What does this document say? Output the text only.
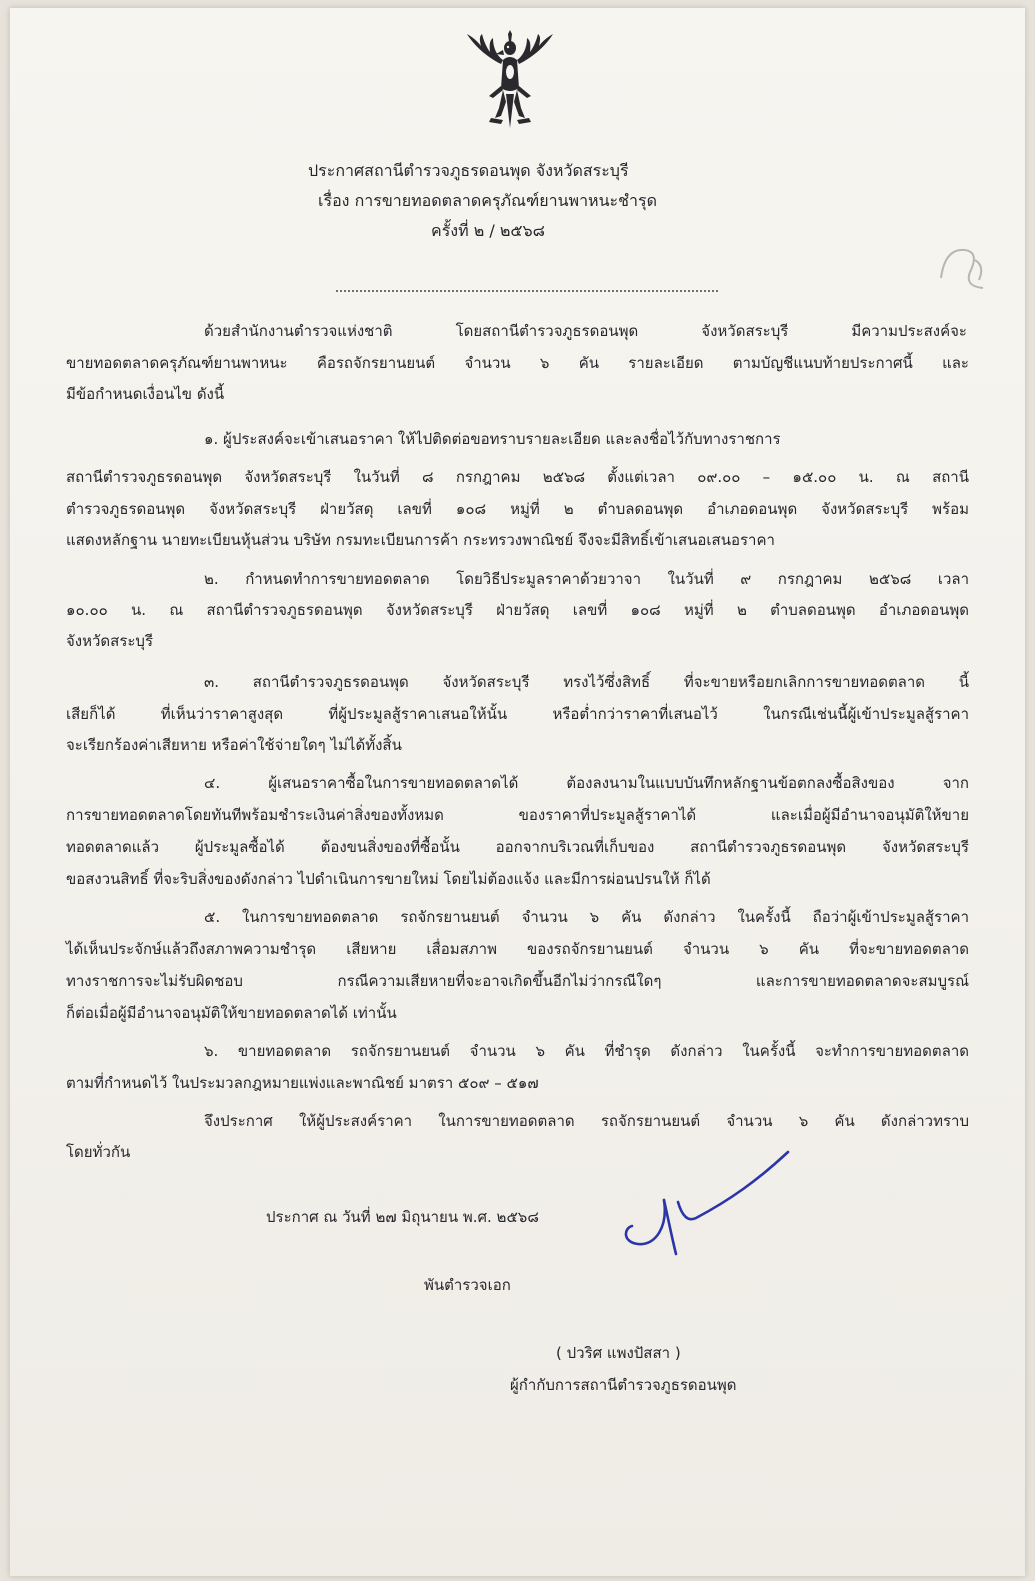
ประกาศสถานีตำรวจภูธรดอนพุด จังหวัดสระบุรี

เรื่อง การขายทอดตลาดครุภัณฑ์ยานพาหนะชำรุด

ครั้งที่ ๒ / ๒๕๖๘

ด้วยสำนักงานตำรวจแห่งชาติ โดยสถานีตำรวจภูธรดอนพุด จังหวัดสระบุรี มีความประสงค์จะ

ขายทอดตลาดครุภัณฑ์ยานพาหนะ คือรถจักรยานยนต์ จำนวน ๖ คัน รายละเอียด ตามบัญชีแนบท้ายประกาศนี้ และ

มีข้อกำหนดเงื่อนไข ดังนี้

๑. ผู้ประสงค์จะเข้าเสนอราคา ให้ไปติดต่อขอทราบรายละเอียด และลงชื่อไว้กับทางราชการ

สถานีตำรวจภูธรดอนพุด จังหวัดสระบุรี ในวันที่ ๘ กรกฎาคม ๒๕๖๘ ตั้งแต่เวลา ๐๙.๐๐ – ๑๕.๐๐ น. ณ สถานี

ตำรวจภูธรดอนพุด จังหวัดสระบุรี ฝ่ายวัสดุ เลขที่ ๑๐๘ หมู่ที่ ๒ ตำบลดอนพุด อำเภอดอนพุด จังหวัดสระบุรี พร้อม

แสดงหลักฐาน นายทะเบียนหุ้นส่วน บริษัท กรมทะเบียนการค้า กระทรวงพาณิชย์ จึงจะมีสิทธิ์เข้าเสนอเสนอราคา

๒. กำหนดทำการขายทอดตลาด โดยวิธีประมูลราคาด้วยวาจา ในวันที่ ๙ กรกฎาคม ๒๕๖๘ เวลา

๑๐.๐๐ น. ณ สถานีตำรวจภูธรดอนพุด จังหวัดสระบุรี ฝ่ายวัสดุ เลขที่ ๑๐๘ หมู่ที่ ๒ ตำบลดอนพุด อำเภอดอนพุด

จังหวัดสระบุรี

๓. สถานีตำรวจภูธรดอนพุด จังหวัดสระบุรี ทรงไว้ซึ่งสิทธิ์ ที่จะขายหรือยกเลิกการขายทอดตลาด นี้

เสียก็ได้ ที่เห็นว่าราคาสูงสุด ที่ผู้ประมูลสู้ราคาเสนอให้นั้น หรือต่ำกว่าราคาที่เสนอไว้ ในกรณีเช่นนี้ผู้เข้าประมูลสู้ราคา

จะเรียกร้องค่าเสียหาย หรือค่าใช้จ่ายใดๆ ไม่ได้ทั้งสิ้น

๔. ผู้เสนอราคาซื้อในการขายทอดตลาดได้ ต้องลงนามในแบบบันทึกหลักฐานข้อตกลงซื้อสิงของ จาก

การขายทอดตลาดโดยทันทีพร้อมชำระเงินค่าสิ่งของทั้งหมด ของราคาที่ประมูลสู้ราคาได้ และเมื่อผู้มีอำนาจอนุมัติให้ขาย

ทอดตลาดแล้ว ผู้ประมูลซื้อได้ ต้องขนสิ่งของที่ซื้อนั้น ออกจากบริเวณที่เก็บของ สถานีตำรวจภูธรดอนพุด จังหวัดสระบุรี

ขอสงวนสิทธิ์ ที่จะริบสิ่งของดังกล่าว ไปดำเนินการขายใหม่ โดยไม่ต้องแจ้ง และมีการผ่อนปรนให้ ก็ได้

๕. ในการขายทอดตลาด รถจักรยานยนต์ จำนวน ๖ คัน ดังกล่าว ในครั้งนี้ ถือว่าผู้เข้าประมูลสู้ราคา

ได้เห็นประจักษ์แล้วถึงสภาพความชำรุด เสียหาย เสื่อมสภาพ ของรถจักรยานยนต์ จำนวน ๖ คัน ที่จะขายทอดตลาด

ทางราชการจะไม่รับผิดชอบ กรณีความเสียหายที่จะอาจเกิดขึ้นอีกไม่ว่ากรณีใดๆ และการขายทอดตลาดจะสมบูรณ์

ก็ต่อเมื่อผู้มีอำนาจอนุมัติให้ขายทอดตลาดได้ เท่านั้น

๖. ขายทอดตลาด รถจักรยานยนต์ จำนวน ๖ คัน ที่ชำรุด ดังกล่าว ในครั้งนี้ จะทำการขายทอดตลาด

ตามที่กำหนดไว้ ในประมวลกฎหมายแพ่งและพาณิชย์ มาตรา ๕๐๙ – ๕๑๗

จึงประกาศ ให้ผู้ประสงค์ราคา ในการขายทอดตลาด รถจักรยานยนต์ จำนวน ๖ คัน ดังกล่าวทราบ

โดยทั่วกัน

ประกาศ ณ วันที่ ๒๗ มิถุนายน พ.ศ. ๒๕๖๘

พันตำรวจเอก

( ปวริศ แพงปัสสา )

ผู้กำกับการสถานีตำรวจภูธรดอนพุด
